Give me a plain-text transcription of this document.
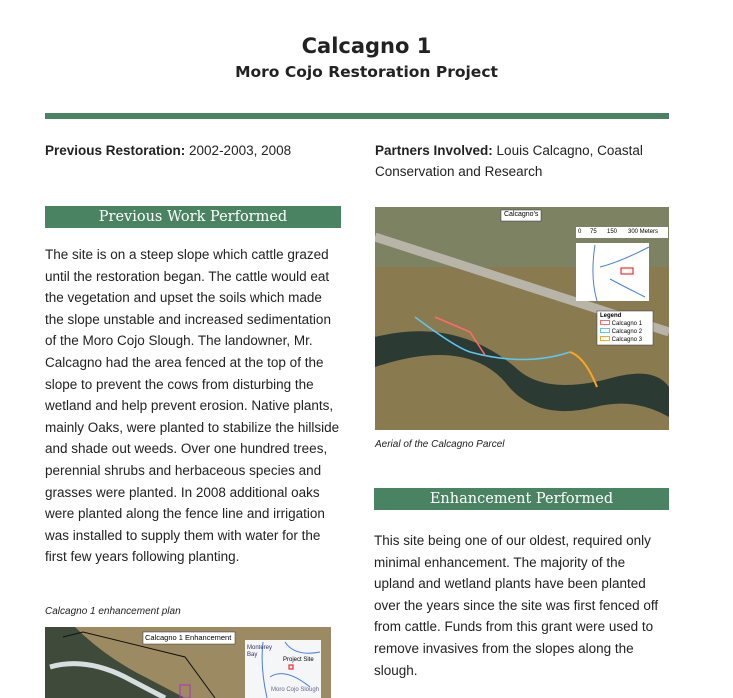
Calcagno 1
Moro Cojo Restoration Project
Previous Restoration: 2002-2003, 2008	Partners Involved: Louis Calcagno, Coastal Conservation and Research
Previous Work Performed
The site is on a steep slope which cattle grazed until the restoration began. The cattle would eat the vegetation and upset the soils which made the slope unstable and increased sedimentation of the Moro Cojo Slough. The landowner, Mr. Calcagno had the area fenced at the top of the slope to prevent the cows from disturbing the wetland and help prevent erosion. Native plants, mainly Oaks, were planted to stabilize the hillside and shade out weeds. Over one hundred trees, perennial shrubs and herbaceous species and grasses were planted. In 2008 additional oaks were planted along the fence line and irrigation was installed to supply them with water for the first few years following planting.
Calcagno 1 enhancement plan
Calcagno 1 Enhancement
Monterey Bay
Project Site
Moro Cojo Slough
Calcagno's
0 75 150 300 Meters
Legend
Calcagno 1
Calcagno 2
Calcagno 3
Aerial of the Calcagno Parcel
Enhancement Performed
This site being one of our oldest, required only minimal enhancement. The majority of the upland and wetland plants have been planted over the years since the site was first fenced off from cattle. Funds from this grant were used to remove invasives from the slopes along the slough.
